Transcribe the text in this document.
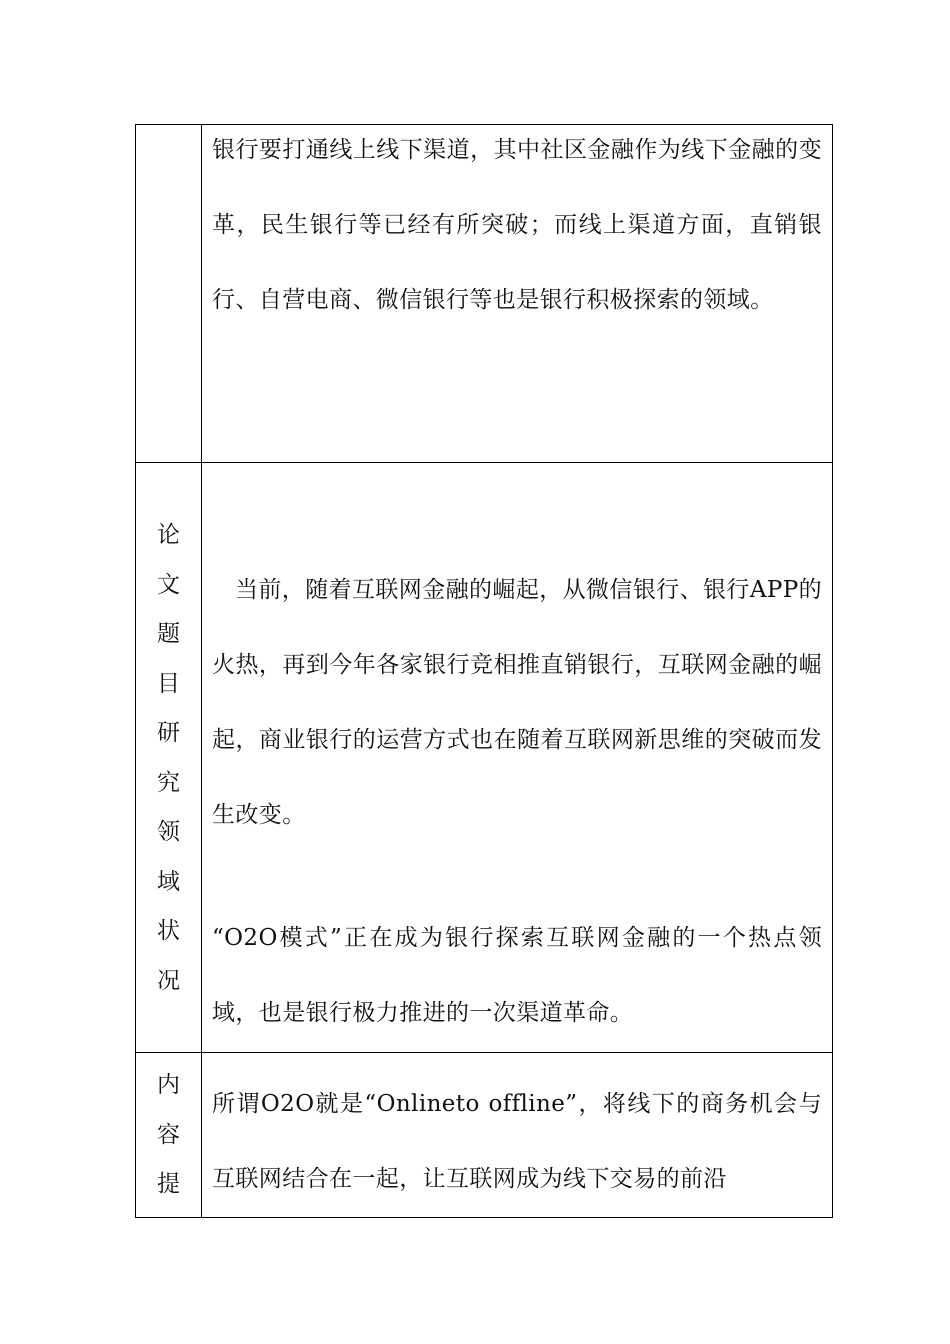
	银行要打通线上线下渠道，其中社区金融作为线下金融的变革，民生银行等已经有所突破；而线上渠道方面，直销银行、自营电商、微信银行等也是银行积极探索的领域。

论文题目研究领域状况	当前，随着互联网金融的崛起，从微信银行、银行APP的火热，再到今年各家银行竞相推直销银行，互联网金融的崛起，商业银行的运营方式也在随着互联网新思维的突破而发生改变。

“O2O模式”正在成为银行探索互联网金融的一个热点领域，也是银行极力推进的一次渠道革命。

内容提	所谓O2O就是“Onlineto offline”，将线下的商务机会与互联网结合在一起，让互联网成为线下交易的前沿
